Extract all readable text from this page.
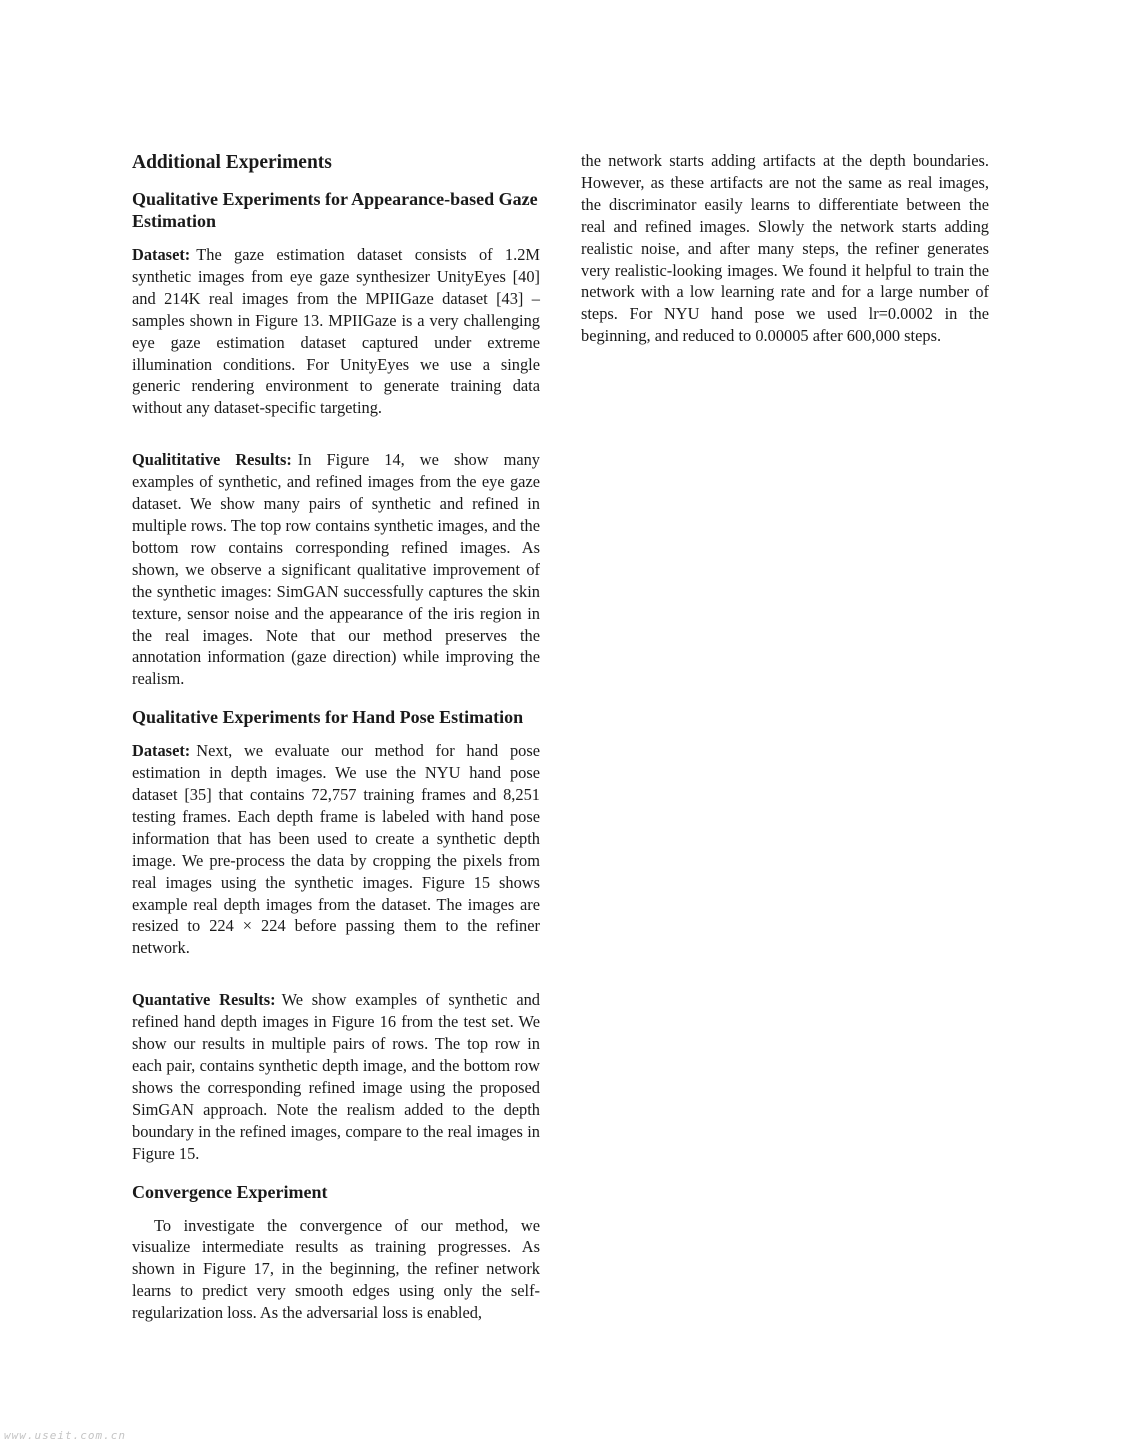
Additional Experiments
Qualitative Experiments for Appearance-based Gaze Estimation

Dataset: The gaze estimation dataset consists of 1.2M synthetic images from eye gaze synthesizer UnityEyes [40] and 214K real images from the MPIIGaze dataset [43] – samples shown in Figure 13. MPIIGaze is a very challenging eye gaze estimation dataset captured under extreme illumination conditions. For UnityEyes we use a single generic rendering environment to generate training data without any dataset-specific targeting.

Qualititative Results: In Figure 14, we show many examples of synthetic, and refined images from the eye gaze dataset. We show many pairs of synthetic and refined in multiple rows. The top row contains synthetic images, and the bottom row contains corresponding refined images. As shown, we observe a significant qualitative improvement of the synthetic images: SimGAN successfully captures the skin texture, sensor noise and the appearance of the iris region in the real images. Note that our method preserves the annotation information (gaze direction) while improving the realism.

Qualitative Experiments for Hand Pose Estimation

Dataset: Next, we evaluate our method for hand pose estimation in depth images. We use the NYU hand pose dataset [35] that contains 72,757 training frames and 8,251 testing frames. Each depth frame is labeled with hand pose information that has been used to create a synthetic depth image. We pre-process the data by cropping the pixels from real images using the synthetic images. Figure 15 shows example real depth images from the dataset. The images are resized to 224 × 224 before passing them to the refiner network.

Quantative Results: We show examples of synthetic and refined hand depth images in Figure 16 from the test set. We show our results in multiple pairs of rows. The top row in each pair, contains synthetic depth image, and the bottom row shows the corresponding refined image using the proposed SimGAN approach. Note the realism added to the depth boundary in the refined images, compare to the real images in Figure 15.

Convergence Experiment

To investigate the convergence of our method, we visualize intermediate results as training progresses. As shown in Figure 17, in the beginning, the refiner network learns to predict very smooth edges using only the self-regularization loss. As the adversarial loss is enabled,

the network starts adding artifacts at the depth boundaries. However, as these artifacts are not the same as real images, the discriminator easily learns to differentiate between the real and refined images. Slowly the network starts adding realistic noise, and after many steps, the refiner generates very realistic-looking images. We found it helpful to train the network with a low learning rate and for a large number of steps. For NYU hand pose we used lr=0.0002 in the beginning, and reduced to 0.00005 after 600,000 steps.

www.useit.com.cn
